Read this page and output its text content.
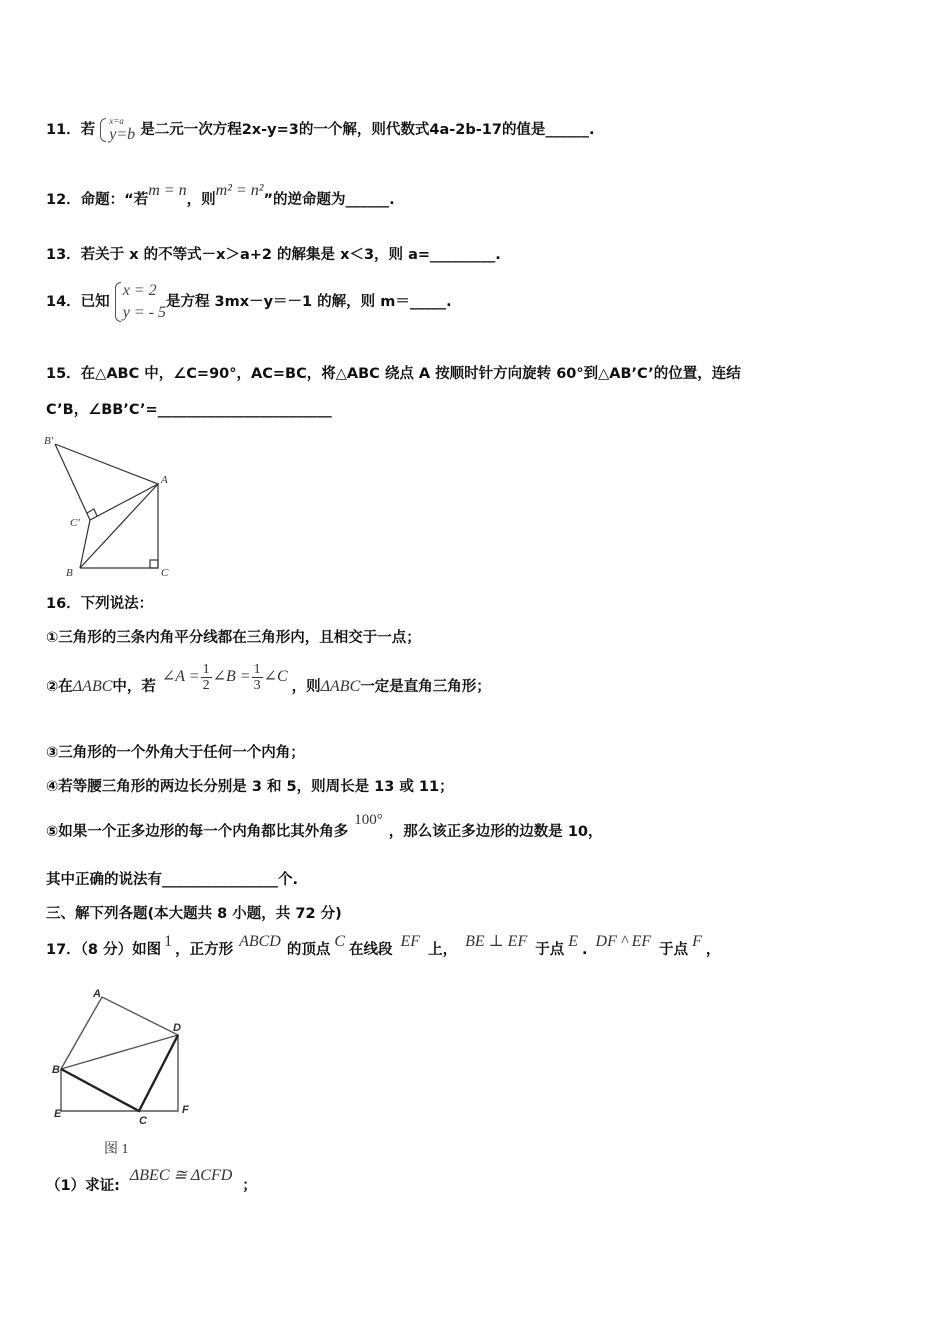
11．若
x=a
y=b 是二元一次方程2x-y=3的一个解，则代数式4a-2b-17的值是______.
12．命题：“若m = n，则m² = n²”的逆命题为______.
13．若关于 x 的不等式－x＞a+2 的解集是 x＜3，则 a=_________.
14．已知
x = 2
y = - 5
是方程 3mx－y＝－1 的解，则 m＝_____.
15．在△ABC 中，∠C=90°，AC=BC，将△ABC 绕点 A 按顺时针方向旋转 60°到△AB’C’的位置，连结
C’B，∠BB’C’=________________________
B'
A
C'
B	C
16．下列说法：
①三角形的三条内角平分线都在三角形内，且相交于一点；
②在 ΔABC 中，若
∠A = $\frac{1}{2}$ ∠B = $\frac{1}{3}$ ∠C
，则 ΔABC 一定是直角三角形；
③三角形的一个外角大于任何一个内角；
④若等腰三角形的两边长分别是 3 和 5，则周长是 13 或 11；
⑤如果一个正多边形的每一个内角都比其外角多100°，那么该正多边形的边数是 10，
其中正确的说法有________________个.
三、解下列各题(本大题共 8 小题，共 72 分)
17．（8 分）如图 1 ，正方形 ABCD 的顶点 C 在线段 EF 上， BE ⊥ EF 于点 E . DF ^ EF 于点 F ，
A
D
B
E
C
F
图 1
（1）求证:ΔBEC ≅ ΔCFD；
